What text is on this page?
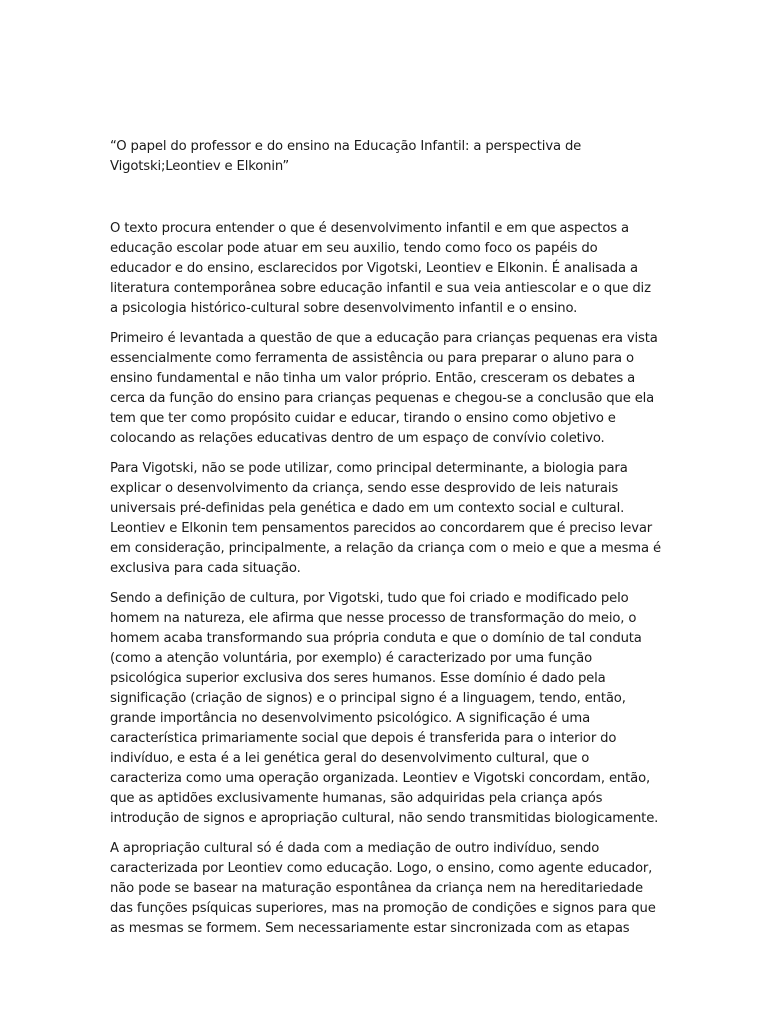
“O papel do professor e do ensino na Educação Infantil: a perspectiva de Vigotski;Leontiev e Elkonin”

O texto procura entender o que é desenvolvimento infantil e em que aspectos a educação escolar pode atuar em seu auxilio, tendo como foco os papéis do educador e do ensino, esclarecidos por Vigotski, Leontiev e Elkonin. É analisada a literatura contemporânea sobre educação infantil e sua veia antiescolar e o que diz a psicologia histórico-cultural sobre desenvolvimento infantil e o ensino.

Primeiro é levantada a questão de que a educação para crianças pequenas era vista essencialmente como ferramenta de assistência ou para preparar o aluno para o ensino fundamental e não tinha um valor próprio. Então, cresceram os debates a cerca da função do ensino para crianças pequenas e chegou-se a conclusão que ela tem que ter como propósito cuidar e educar, tirando o ensino como objetivo e colocando as relações educativas dentro de um espaço de convívio coletivo.

Para Vigotski, não se pode utilizar, como principal determinante, a biologia para explicar o desenvolvimento da criança, sendo esse desprovido de leis naturais universais pré-definidas pela genética e dado em um contexto social e cultural. Leontiev e Elkonin tem pensamentos parecidos ao concordarem que é preciso levar em consideração, principalmente, a relação da criança com o meio e que a mesma é exclusiva para cada situação.

Sendo a definição de cultura, por Vigotski, tudo que foi criado e modificado pelo homem na natureza, ele afirma que nesse processo de transformação do meio, o homem acaba transformando sua própria conduta e que o domínio de tal conduta (como a atenção voluntária, por exemplo) é caracterizado por uma função psicológica superior exclusiva dos seres humanos. Esse domínio é dado pela significação (criação de signos) e o principal signo é a linguagem, tendo, então, grande importância no desenvolvimento psicológico. A significação é uma característica primariamente social que depois é transferida para o interior do indivíduo, e esta é a lei genética geral do desenvolvimento cultural, que o caracteriza como uma operação organizada. Leontiev e Vigotski concordam, então, que as aptidões exclusivamente humanas, são adquiridas pela criança após introdução de signos e apropriação cultural, não sendo transmitidas biologicamente.

A apropriação cultural só é dada com a mediação de outro indivíduo, sendo caracterizada por Leontiev como educação. Logo, o ensino, como agente educador, não pode se basear na maturação espontânea da criança nem na hereditariedade das funções psíquicas superiores, mas na promoção de condições e signos para que as mesmas se formem. Sem necessariamente estar sincronizada com as etapas
